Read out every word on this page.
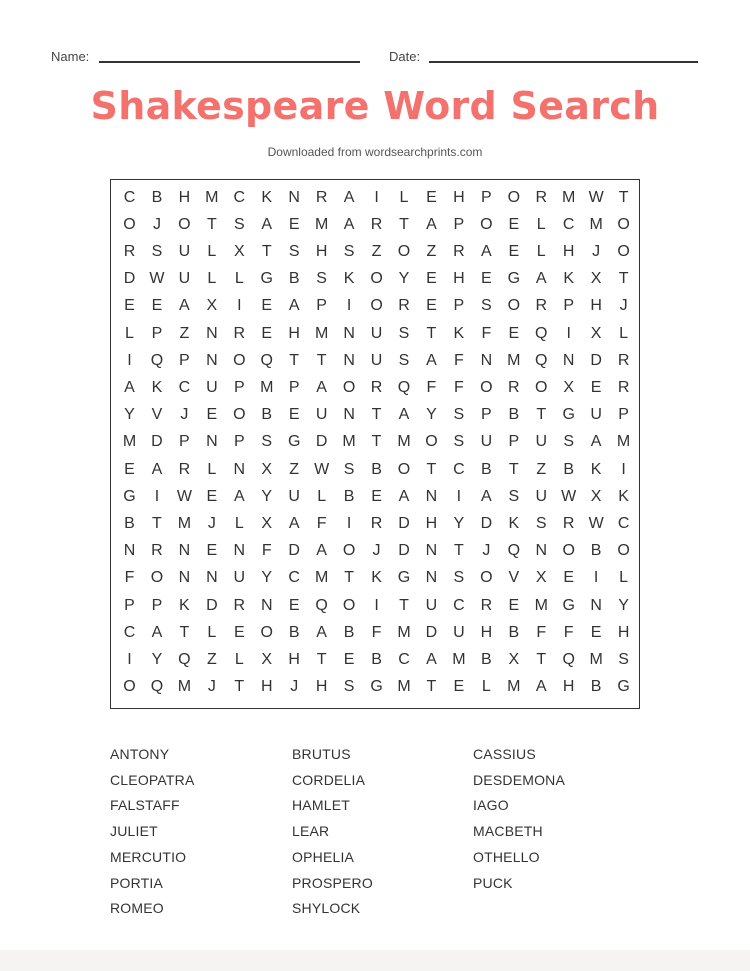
Name:	Date:
Shakespeare Word Search
Downloaded from wordsearchprints.com
C	B	H M C	K	N R	A	I	L	E	H	P O R M W T
O	J	O	T	S	A	E M A	R	T	A	P O E	L	C M O
R	S	U	L	X	T	S	H	S	Z	O	Z	R	A	E	L	H	J	O
D W U	L	L	G B	S	K O Y	E	H	E G A	K	X	T
E	E	A	X	I	E	A	P	I	O R	E	P	S O R	P	H	J
L	P	Z	N R	E	H M N U	S	T	K	F	E Q	I	X	L
I	Q P	N O Q	T	T	N U	S	A	F	N M Q N D R
A	K	C U	P M P	A O R Q	F	F	O R O X	E	R
Y	V	J	E O B	E	U N	T	A	Y	S	P	B	T	G U	P
M D	P	N	P	S G D M T M O S	U	P	U	S	A M
E	A	R	L	N	X	Z W S	B O	T	C	B	T	Z	B	K	I
G	I	W E	A	Y	U	L	B	E	A	N	I	A	S	U W X	K
B	T M	J	L	X	A	F	I	R D H	Y	D	K	S	R W C
N R N	E	N	F	D	A O	J	D N	T	J	Q N O B O
F	O N N U	Y	C M T	K G N	S O V	X	E	I	L
P	P	K	D R N	E Q O	I	T	U C R	E M G N	Y
C	A	T	L	E O B	A	B	F M D U H	B	F	F	E	H
I	Y Q	Z	L	X	H	T	E	B	C	A M B	X	T	Q M S
O Q M	J	T	H	J	H	S G M T	E	L	M A	H	B G
ANTONY	BRUTUS	CASSIUS
CLEOPATRA	CORDELIA	DESDEMONA
FALSTAFF	HAMLET	IAGO
JULIET	LEAR	MACBETH
MERCUTIO	OPHELIA	OTHELLO
PORTIA	PROSPERO	PUCK
ROMEO	SHYLOCK
